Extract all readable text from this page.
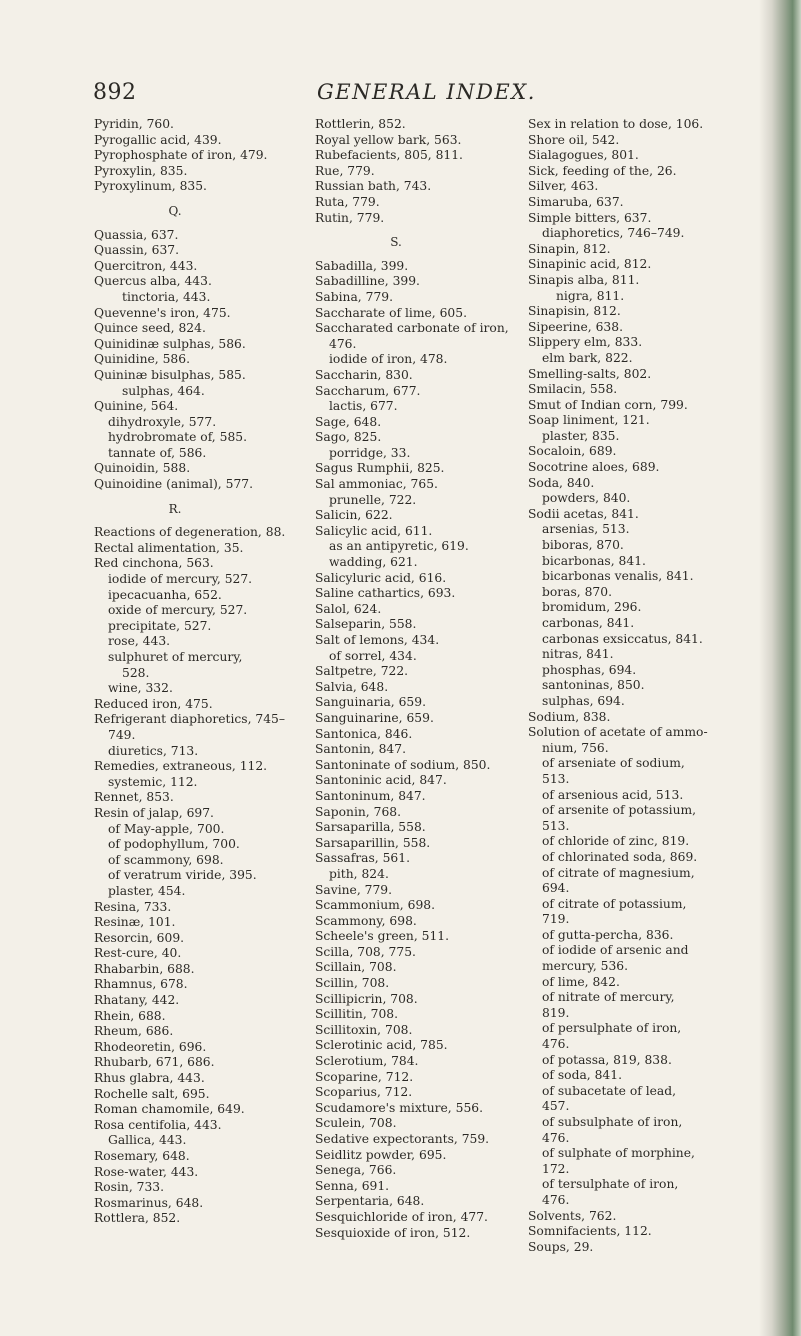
892	GENERAL INDEX.
Pyridin, 760.
Pyrogallic acid, 439.
Pyrophosphate of iron, 479.
Pyroxylin, 835.
Pyroxylinum, 835.
Q.
Quassia, 637.
Quassin, 637.
Quercitron, 443.
Quercus alba, 443.
tinctoria, 443.
Quevenne's iron, 475.
Quince seed, 824.
Quinidinæ sulphas, 586.
Quinidine, 586.
Quininæ bisulphas, 585.
sulphas, 464.
Quinine, 564.
dihydroxyle, 577.
hydrobromate of, 585.
tannate of, 586.
Quinoidin, 588.
Quinoidine (animal), 577.
R.
Reactions of degeneration, 88.
Rectal alimentation, 35.
Red cinchona, 563.
iodide of mercury, 527.
ipecacuanha, 652.
oxide of mercury, 527.
precipitate, 527.
rose, 443.
sulphuret of mercury,
528.
wine, 332.
Reduced iron, 475.
Refrigerant diaphoretics, 745–
749.
diuretics, 713.
Remedies, extraneous, 112.
systemic, 112.
Rennet, 853.
Resin of jalap, 697.
of May-apple, 700.
of podophyllum, 700.
of scammony, 698.
of veratrum viride, 395.
plaster, 454.
Resina, 733.
Resinæ, 101.
Resorcin, 609.
Rest-cure, 40.
Rhabarbin, 688.
Rhamnus, 678.
Rhatany, 442.
Rhein, 688.
Rheum, 686.
Rhodeoretin, 696.
Rhubarb, 671, 686.
Rhus glabra, 443.
Rochelle salt, 695.
Roman chamomile, 649.
Rosa centifolia, 443.
Gallica, 443.
Rosemary, 648.
Rose-water, 443.
Rosin, 733.
Rosmarinus, 648.
Rottlera, 852.
Rottlerin, 852.
Royal yellow bark, 563.
Rubefacients, 805, 811.
Rue, 779.
Russian bath, 743.
Ruta, 779.
Rutin, 779.
S.
Sabadilla, 399.
Sabadilline, 399.
Sabina, 779.
Saccharate of lime, 605.
Saccharated carbonate of iron,
476.
iodide of iron, 478.
Saccharin, 830.
Saccharum, 677.
lactis, 677.
Sage, 648.
Sago, 825.
porridge, 33.
Sagus Rumphii, 825.
Sal ammoniac, 765.
prunelle, 722.
Salicin, 622.
Salicylic acid, 611.
as an antipyretic, 619.
wadding, 621.
Salicyluric acid, 616.
Saline cathartics, 693.
Salol, 624.
Salseparin, 558.
Salt of lemons, 434.
of sorrel, 434.
Saltpetre, 722.
Salvia, 648.
Sanguinaria, 659.
Sanguinarine, 659.
Santonica, 846.
Santonin, 847.
Santoninate of sodium, 850.
Santoninic acid, 847.
Santoninum, 847.
Saponin, 768.
Sarsaparilla, 558.
Sarsaparillin, 558.
Sassafras, 561.
pith, 824.
Savine, 779.
Scammonium, 698.
Scammony, 698.
Scheele's green, 511.
Scilla, 708, 775.
Scillain, 708.
Scillin, 708.
Scillipicrin, 708.
Scillitin, 708.
Scillitoxin, 708.
Sclerotinic acid, 785.
Sclerotium, 784.
Scoparine, 712.
Scoparius, 712.
Scudamore's mixture, 556.
Sculein, 708.
Sedative expectorants, 759.
Seidlitz powder, 695.
Senega, 766.
Senna, 691.
Serpentaria, 648.
Sesquichloride of iron, 477.
Sesquioxide of iron, 512.
Sex in relation to dose, 106.
Shore oil, 542.
Sialagogues, 801.
Sick, feeding of the, 26.
Silver, 463.
Simaruba, 637.
Simple bitters, 637.
diaphoretics, 746–749.
Sinapin, 812.
Sinapinic acid, 812.
Sinapis alba, 811.
nigra, 811.
Sinapisin, 812.
Sipeerine, 638.
Slippery elm, 833.
elm bark, 822.
Smelling-salts, 802.
Smilacin, 558.
Smut of Indian corn, 799.
Soap liniment, 121.
plaster, 835.
Socaloin, 689.
Socotrine aloes, 689.
Soda, 840.
powders, 840.
Sodii acetas, 841.
arsenias, 513.
biboras, 870.
bicarbonas, 841.
bicarbonas venalis, 841.
boras, 870.
bromidum, 296.
carbonas, 841.
carbonas exsiccatus, 841.
nitras, 841.
phosphas, 694.
santoninas, 850.
sulphas, 694.
Sodium, 838.
Solution of acetate of ammo-
nium, 756.
of arseniate of sodium,
513.
of arsenious acid, 513.
of arsenite of potassium,
513.
of chloride of zinc, 819.
of chlorinated soda, 869.
of citrate of magnesium,
694.
of citrate of potassium,
719.
of gutta-percha, 836.
of iodide of arsenic and
mercury, 536.
of lime, 842.
of nitrate of mercury,
819.
of persulphate of iron,
476.
of potassa, 819, 838.
of soda, 841.
of subacetate of lead,
457.
of subsulphate of iron,
476.
of sulphate of morphine,
172.
of tersulphate of iron,
476.
Solvents, 762.
Somnifacients, 112.
Soups, 29.
